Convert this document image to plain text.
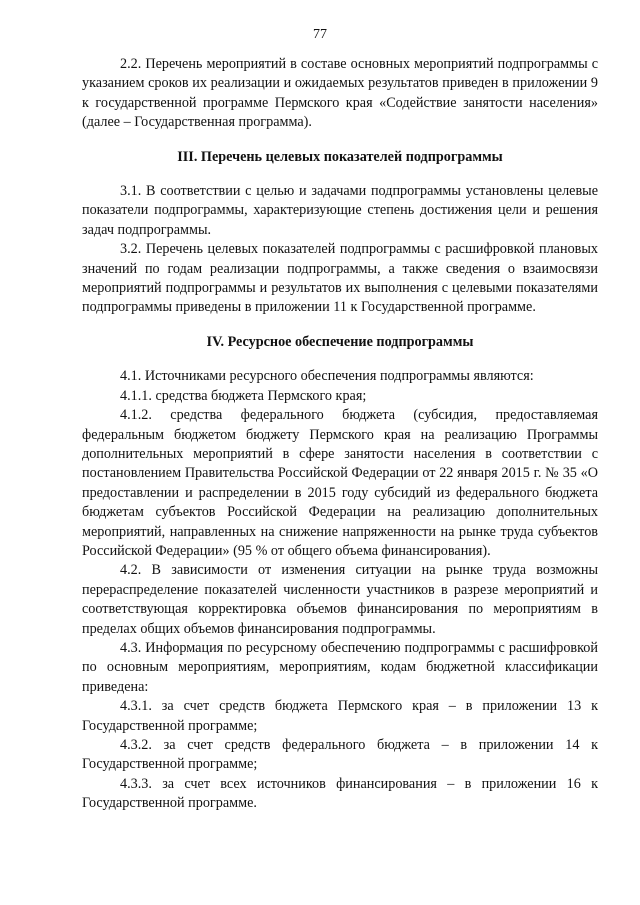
77

2.2. Перечень мероприятий в составе основных мероприятий подпрограммы с указанием сроков их реализации и ожидаемых результатов приведен в приложении 9 к государственной программе Пермского края «Содействие занятости населения» (далее – Государственная программа).

III. Перечень целевых показателей подпрограммы

3.1. В соответствии с целью и задачами подпрограммы установлены целевые показатели подпрограммы, характеризующие степень достижения цели и решения задач подпрограммы.

3.2. Перечень целевых показателей подпрограммы с расшифровкой плановых значений по годам реализации подпрограммы, а также сведения о взаимосвязи мероприятий подпрограммы и результатов их выполнения с целевыми показателями подпрограммы приведены в приложении 11 к Государственной программе.

IV. Ресурсное обеспечение подпрограммы

4.1. Источниками ресурсного обеспечения подпрограммы являются:

4.1.1. средства бюджета Пермского края;

4.1.2. средства федерального бюджета (субсидия, предоставляемая федеральным бюджетом бюджету Пермского края на реализацию Программы дополнительных мероприятий в сфере занятости населения в соответствии с постановлением Правительства Российской Федерации от 22 января 2015 г. № 35 «О предоставлении и распределении в 2015 году субсидий из федерального бюджета бюджетам субъектов Российской Федерации на реализацию дополнительных мероприятий, направленных на снижение напряженности на рынке труда субъектов Российской Федерации» (95 % от общего объема финансирования).

4.2. В зависимости от изменения ситуации на рынке труда возможны перераспределение показателей численности участников в разрезе мероприятий и соответствующая корректировка объемов финансирования по мероприятиям в пределах общих объемов финансирования подпрограммы.

4.3. Информация по ресурсному обеспечению подпрограммы с расшифровкой по основным мероприятиям, мероприятиям, кодам бюджетной классификации приведена:

4.3.1. за счет средств бюджета Пермского края – в приложении 13 к Государственной программе;

4.3.2. за счет средств федерального бюджета – в приложении 14 к Государственной программе;

4.3.3. за счет всех источников финансирования – в приложении 16 к Государственной программе.
